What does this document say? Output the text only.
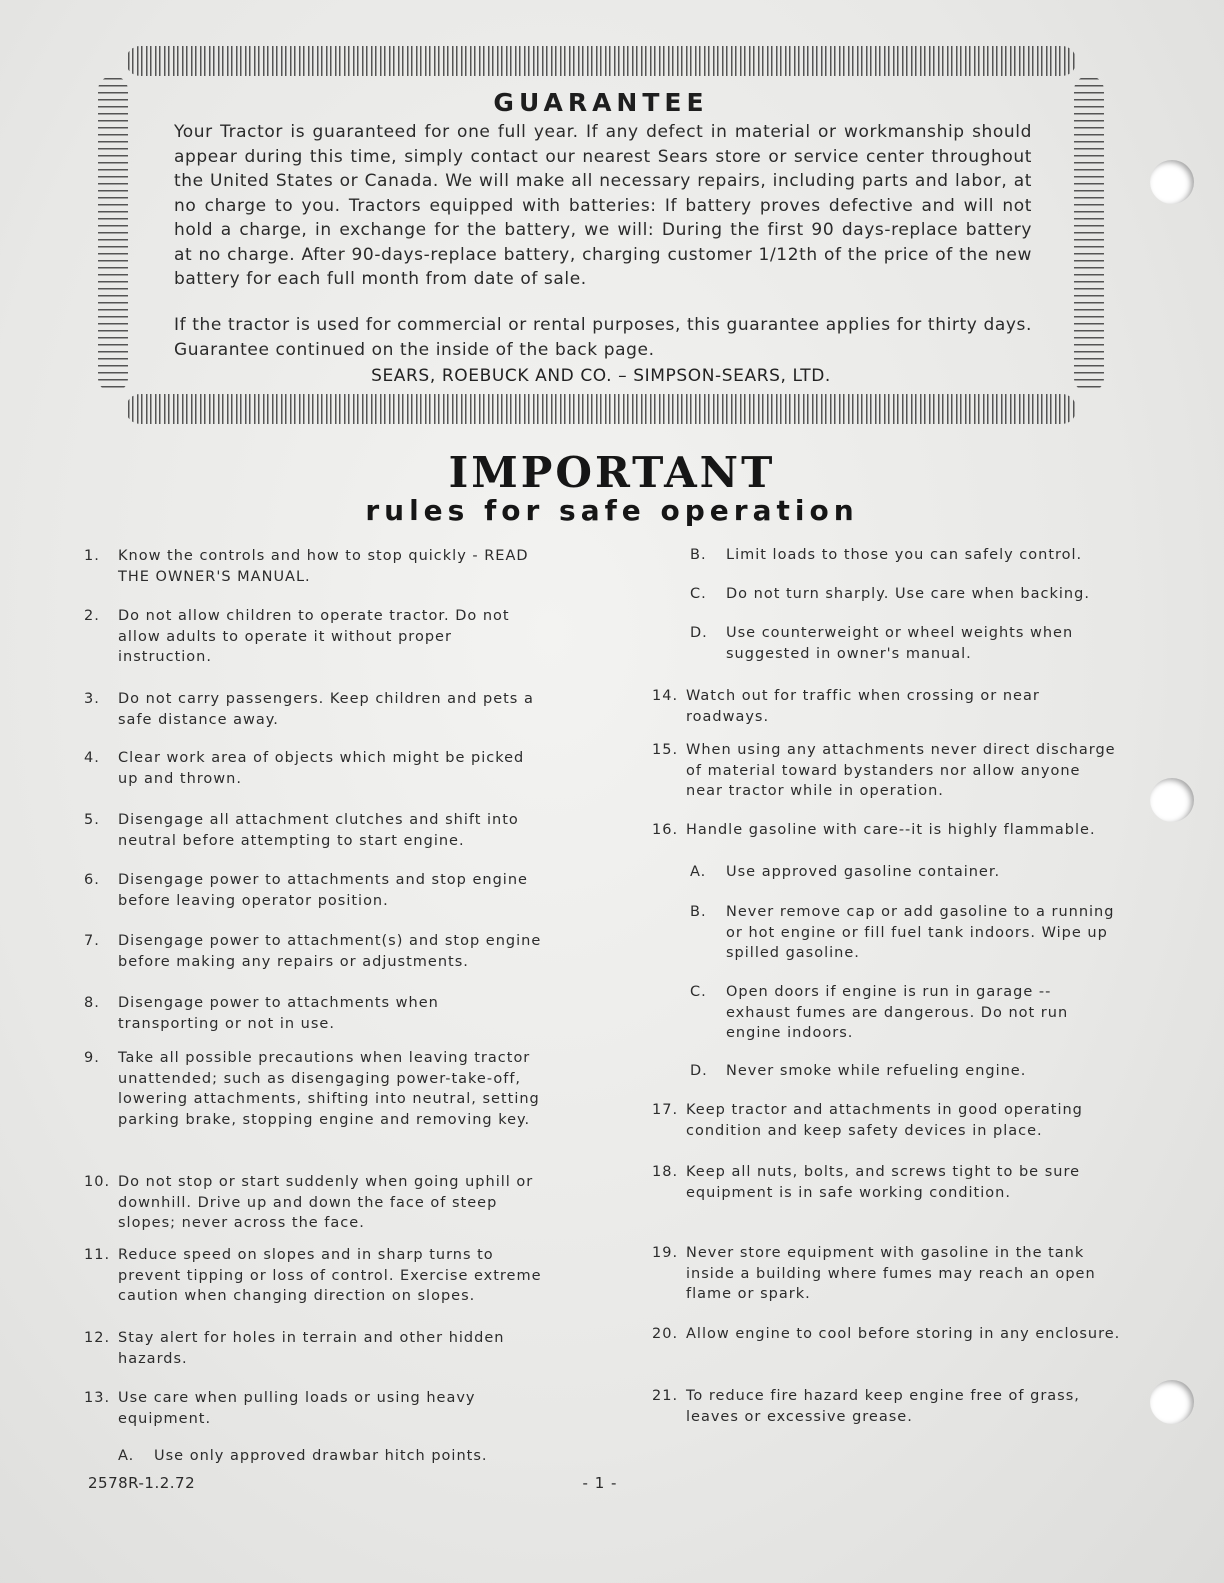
GUARANTEE
Your Tractor is guaranteed for one full year. If any defect in material or workmanship should appear during this time, simply contact our nearest Sears store or service center throughout the United States or Canada. We will make all necessary repairs, including parts and labor, at no charge to you. Tractors equipped with batteries: If battery proves defective and will not hold a charge, in exchange for the battery, we will: During the first 90 days-replace battery at no charge. After 90-days-replace battery, charging customer 1/12th of the price of the new battery for each full month from date of sale.
If the tractor is used for commercial or rental purposes, this guarantee applies for thirty days. Guarantee continued on the inside of the back page.
SEARS, ROEBUCK AND CO. – SIMPSON-SEARS, LTD.
IMPORTANT
rules for safe operation
1.	Know the controls and how to stop quickly - READ THE OWNER'S MANUAL.
2.	Do not allow children to operate tractor. Do not allow adults to operate it without proper instruction.
3.	Do not carry passengers. Keep children and pets a safe distance away.
4.	Clear work area of objects which might be picked up and thrown.
5.	Disengage all attachment clutches and shift into neutral before attempting to start engine.
6.	Disengage power to attachments and stop engine before leaving operator position.
7.	Disengage power to attachment(s) and stop engine before making any repairs or adjustments.
8.	Disengage power to attachments when transporting or not in use.
9.	Take all possible precautions when leaving tractor unattended; such as disengaging power-take-off, lowering attachments, shifting into neutral, setting parking brake, stopping engine and removing key.
10. Do not stop or start suddenly when going uphill or downhill. Drive up and down the face of steep slopes; never across the face.
11. Reduce speed on slopes and in sharp turns to prevent tipping or loss of control. Exercise extreme caution when changing direction on slopes.
12. Stay alert for holes in terrain and other hidden hazards.
13. Use care when pulling loads or using heavy equipment.
A.	Use only approved drawbar hitch points.
B.	Limit loads to those you can safely control.
C.	Do not turn sharply. Use care when backing.
D.	Use counterweight or wheel weights when suggested in owner's manual.
14. Watch out for traffic when crossing or near roadways.
15. When using any attachments never direct discharge of material toward bystanders nor allow anyone near tractor while in operation.
16. Handle gasoline with care--it is highly flammable.
A.	Use approved gasoline container.
B.	Never remove cap or add gasoline to a running or hot engine or fill fuel tank indoors. Wipe up spilled gasoline.
C.	Open doors if engine is run in garage -- exhaust fumes are dangerous. Do not run engine indoors.
D.	Never smoke while refueling engine.
17. Keep tractor and attachments in good operating condition and keep safety devices in place.
18. Keep all nuts, bolts, and screws tight to be sure equipment is in safe working condition.
19. Never store equipment with gasoline in the tank inside a building where fumes may reach an open flame or spark.
20. Allow engine to cool before storing in any enclosure.
21. To reduce fire hazard keep engine free of grass, leaves or excessive grease.
2578R-1.2.72	- 1 -
